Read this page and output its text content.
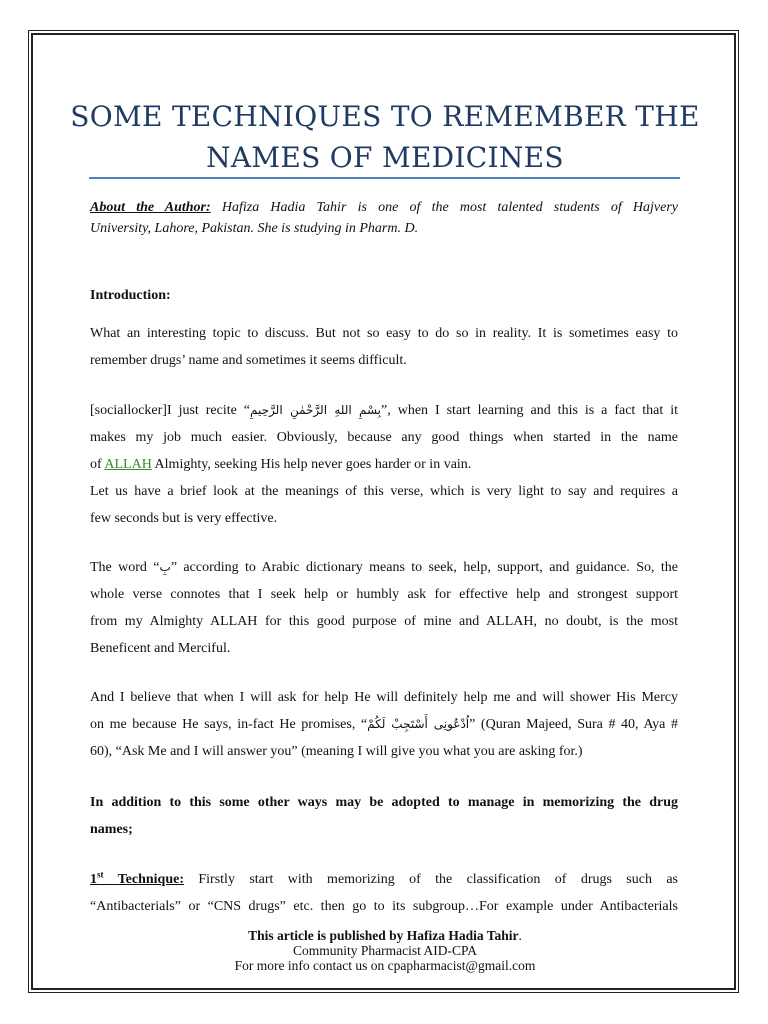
SOME TECHNIQUES TO REMEMBER THE
NAMES OF MEDICINES
About the Author: Hafiza Hadia Tahir is one of the most talented students of Hajvery
University, Lahore, Pakistan. She is studying in Pharm. D.
Introduction:
What an interesting topic to discuss. But not so easy to do so in reality. It is sometimes easy to
remember drugs’ name and sometimes it seems difficult.
[sociallocker]I just recite “بِسْمِ اللهِ الرَّحْمٰنِ الرَّحِيمِ”, when I start learning and this is a fact that it
makes my job much easier. Obviously, because any good things when started in the name
of ALLAH Almighty, seeking His help never goes harder or in vain.
Let us have a brief look at the meanings of this verse, which is very light to say and requires a
few seconds but is very effective.
The word “بِ” according to Arabic dictionary means to seek, help, support, and guidance. So, the
whole verse connotes that I seek help or humbly ask for effective help and strongest support
from my Almighty ALLAH for this good purpose of mine and ALLAH, no doubt, is the most
Beneficent and Merciful.
And I believe that when I will ask for help He will definitely help me and will shower His Mercy
on me because He says, in-fact He promises, “اُدْعُونِی أَسْتَجِبْ لَكُمْ” (Quran Majeed, Sura # 40, Aya #
60), “Ask Me and I will answer you” (meaning I will give you what you are asking for.)
In addition to this some other ways may be adopted to manage in memorizing the drug
names;
1st Technique: Firstly start with memorizing of the classification of drugs such as
“Antibacterials” or “CNS drugs” etc. then go to its subgroup…For example under Antibacterials
This article is published by Hafiza Hadia Tahir.
Community Pharmacist AID-CPA
For more info contact us on cpapharmacist@gmail.com
